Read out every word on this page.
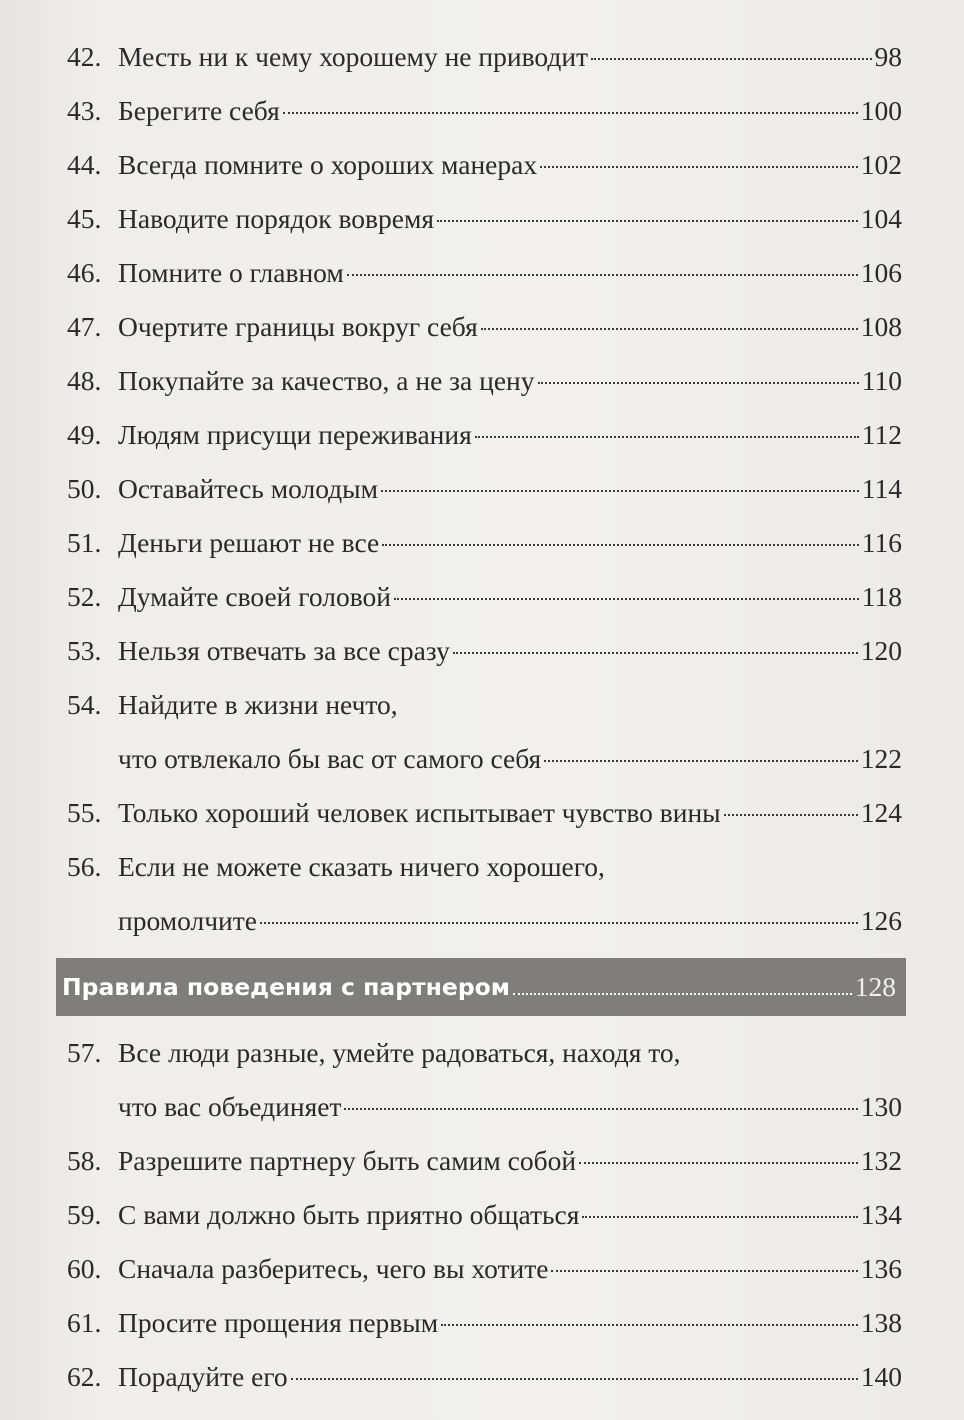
42. Месть ни к чему хорошему не приводит	98
43. Берегите себя	100
44. Всегда помните о хороших манерах	102
45. Наводите порядок вовремя	104
46. Помните о главном	106
47. Очертите границы вокруг себя	108
48. Покупайте за качество, а не за цену	110
49. Людям присущи переживания	112
50. Оставайтесь молодым	114
51. Деньги решают не все	116
52. Думайте своей головой	118
53. Нельзя отвечать за все сразу	120
54. Найдите в жизни нечто,
что отвлекало бы вас от самого себя	122
55. Только хороший человек испытывает чувство вины	124
56. Если не можете сказать ничего хорошего,
промолчите	126
Правила поведения с партнером	128
57. Все люди разные, умейте радоваться, находя то,
что вас объединяет	130
58. Разрешите партнеру быть самим собой	132
59. С вами должно быть приятно общаться	134
60. Сначала разберитесь, чего вы хотите	136
61. Просите прощения первым	138
62. Порадуйте его	140
